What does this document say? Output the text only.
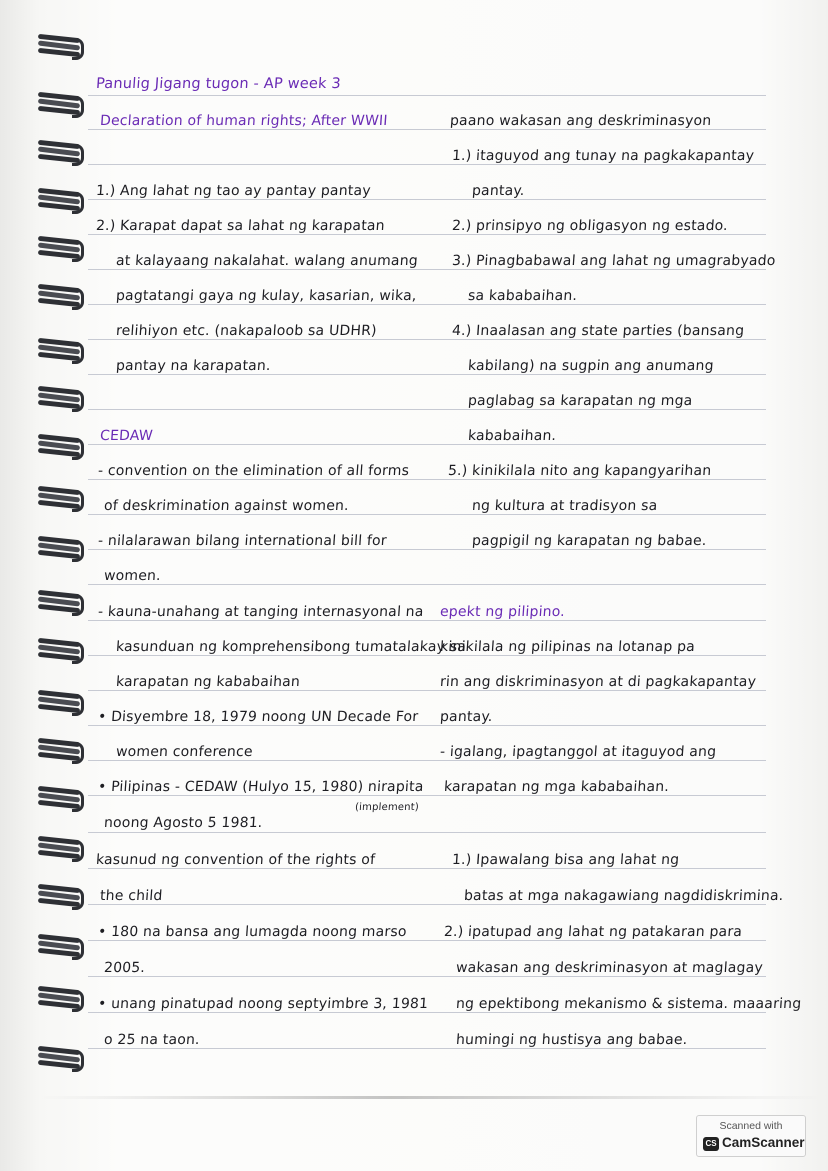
Panulig Jigang tugon - AP week 3
Declaration of human rights; After WWII
1.) Ang lahat ng tao ay pantay pantay
2.) Karapat dapat sa lahat ng karapatan
at kalayaang nakalahat. walang anumang
pagtatangi gaya ng kulay, kasarian, wika,
relihiyon etc. (nakapaloob sa UDHR)
pantay na karapatan.
CEDAW
- convention on the elimination of all forms
of deskrimination against women.
- nilalarawan bilang international bill for
women.
- kauna-unahang at tanging internasyonal na
kasunduan ng komprehensibong tumatalakay sa
karapatan ng kababaihan
• Disyembre 18, 1979 noong UN Decade For
women conference
• Pilipinas - CEDAW (Hulyo 15, 1980) nirapita
(implement)
noong Agosto 5 1981.
kasunud ng convention of the rights of
the child
• 180 na bansa ang lumagda noong marso
2005.
• unang pinatupad noong septyimbre 3, 1981
o 25 na taon.
paano wakasan ang deskriminasyon
1.) itaguyod ang tunay na pagkakapantay
pantay.
2.) prinsipyo ng obligasyon ng estado.
3.) Pinagbabawal ang lahat ng umagrabyado
sa kababaihan.
4.) Inaalasan ang state parties (bansang
kabilang) na sugpin ang anumang
paglabag sa karapatan ng mga
kababaihan.
5.) kinikilala nito ang kapangyarihan
ng kultura at tradisyon sa
pagpigil ng karapatan ng babae.
epekt ng pilipino.
kinikilala ng pilipinas na lotanap pa
rin ang diskriminasyon at di pagkakapantay
pantay.
- igalang, ipagtanggol at itaguyod ang
karapatan ng mga kababaihan.
1.) Ipawalang bisa ang lahat ng
batas at mga nakagawiang nagdidiskrimina.
2.) ipatupad ang lahat ng patakaran para
wakasan ang deskriminasyon at maglagay
ng epektibong mekanismo & sistema. maaaring
humingi ng hustisya ang babae.
Scanned with
CS CamScanner
